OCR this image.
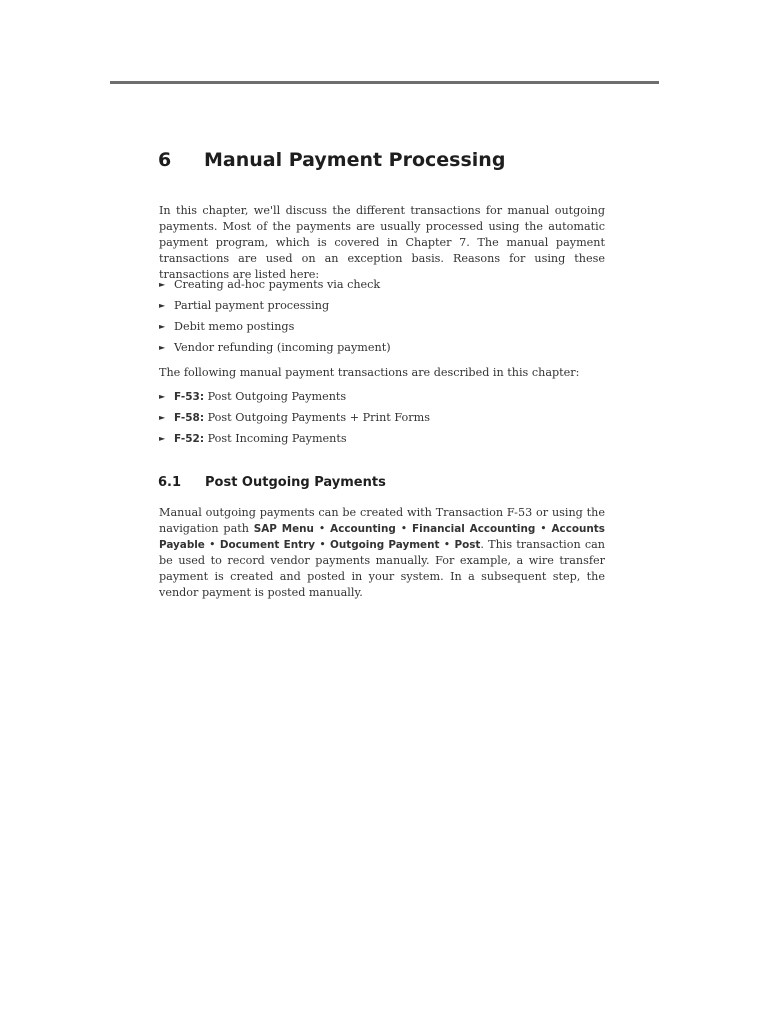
6 Manual Payment Processing

In this chapter, we'll discuss the different transactions for manual outgoing payments. Most of the payments are usually processed using the automatic payment program, which is covered in Chapter 7. The manual payment transactions are used on an exception basis. Reasons for using these transactions are listed here:

► Creating ad-hoc payments via check
► Partial payment processing
► Debit memo postings
► Vendor refunding (incoming payment)

The following manual payment transactions are described in this chapter:

► F-53: Post Outgoing Payments
► F-58: Post Outgoing Payments + Print Forms
► F-52: Post Incoming Payments
6.1 Post Outgoing Payments

Manual outgoing payments can be created with Transaction F-53 or using the navigation path SAP Menu • Accounting • Financial Accounting • Accounts Payable • Document Entry • Outgoing Payment • Post. This transaction can be used to record vendor payments manually. For example, a wire transfer payment is created and posted in your system. In a subsequent step, the vendor payment is posted manually.
